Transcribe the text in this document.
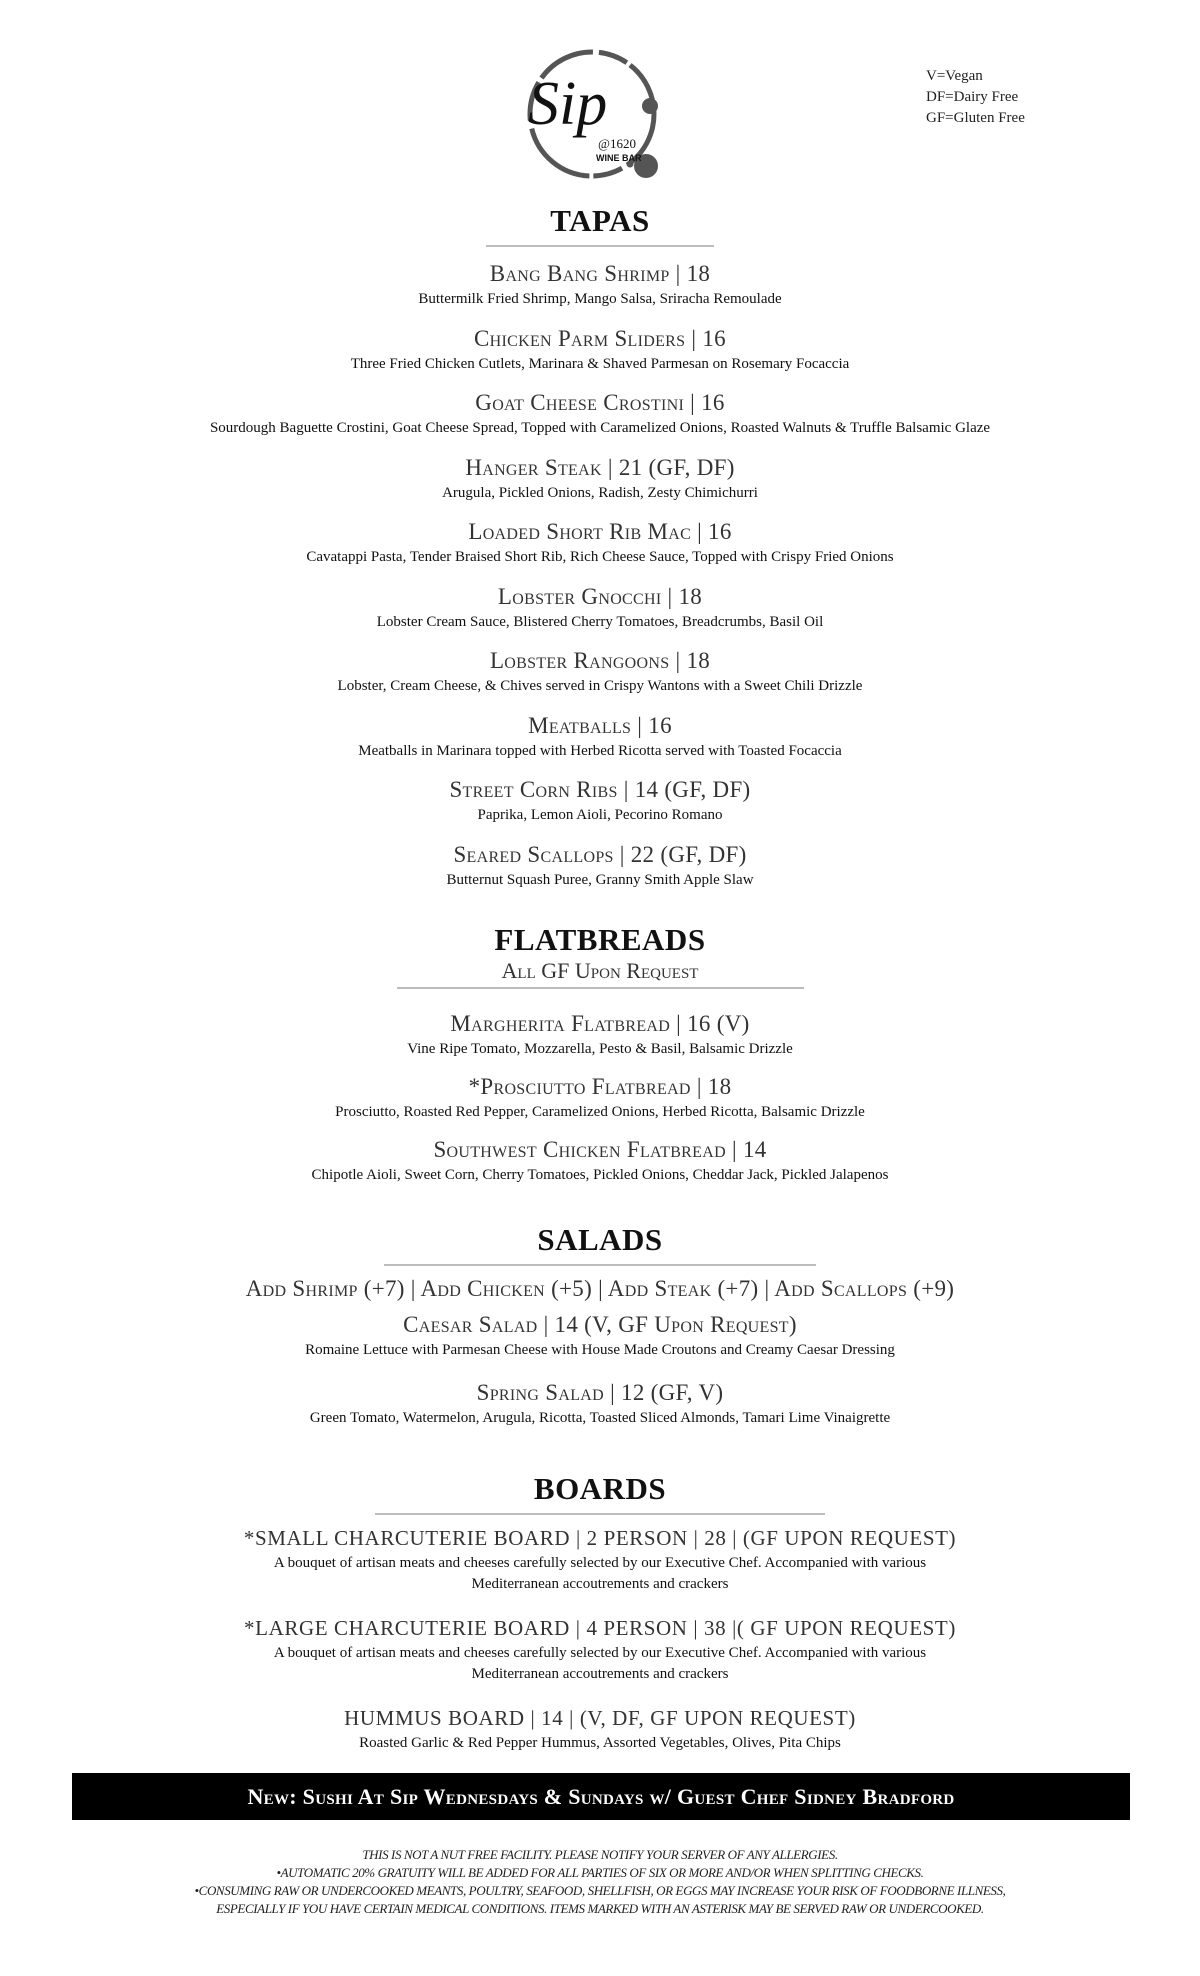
Sip
@1620
WINE BAR
V=Vegan
DF=Dairy Free
GF=Gluten Free
TAPAS
Bang Bang Shrimp | 18
Buttermilk Fried Shrimp, Mango Salsa, Sriracha Remoulade
Chicken Parm Sliders | 16
Three Fried Chicken Cutlets, Marinara & Shaved Parmesan on Rosemary Focaccia
Goat Cheese Crostini | 16
Sourdough Baguette Crostini, Goat Cheese Spread, Topped with Caramelized Onions, Roasted Walnuts & Truffle Balsamic Glaze
Hanger Steak | 21 (GF, DF)
Arugula, Pickled Onions, Radish, Zesty Chimichurri
Loaded Short Rib Mac | 16
Cavatappi Pasta, Tender Braised Short Rib, Rich Cheese Sauce, Topped with Crispy Fried Onions
Lobster Gnocchi | 18
Lobster Cream Sauce, Blistered Cherry Tomatoes, Breadcrumbs, Basil Oil
Lobster Rangoons | 18
Lobster, Cream Cheese, & Chives served in Crispy Wantons with a Sweet Chili Drizzle
Meatballs | 16
Meatballs in Marinara topped with Herbed Ricotta served with Toasted Focaccia
Street Corn Ribs | 14 (GF, DF)
Paprika, Lemon Aioli, Pecorino Romano
Seared Scallops | 22 (GF, DF)
Butternut Squash Puree, Granny Smith Apple Slaw
FLATBREADS
All GF Upon Request
Margherita Flatbread | 16 (V)
Vine Ripe Tomato, Mozzarella, Pesto & Basil, Balsamic Drizzle
*Prosciutto Flatbread | 18
Prosciutto, Roasted Red Pepper, Caramelized Onions, Herbed Ricotta, Balsamic Drizzle
Southwest Chicken Flatbread | 14
Chipotle Aioli, Sweet Corn, Cherry Tomatoes, Pickled Onions, Cheddar Jack, Pickled Jalapenos
SALADS
Add Shrimp (+7) | Add Chicken (+5) | Add Steak (+7) | Add Scallops (+9)
Caesar Salad | 14 (V, GF Upon Request)
Romaine Lettuce with Parmesan Cheese with House Made Croutons and Creamy Caesar Dressing
Spring Salad | 12 (GF, V)
Green Tomato, Watermelon, Arugula, Ricotta, Toasted Sliced Almonds, Tamari Lime Vinaigrette
BOARDS
*SMALL CHARCUTERIE BOARD | 2 PERSON | 28 | (GF UPON REQUEST)
A bouquet of artisan meats and cheeses carefully selected by our Executive Chef. Accompanied with various Mediterranean accoutrements and crackers
*LARGE CHARCUTERIE BOARD | 4 PERSON | 38 |( GF UPON REQUEST)
A bouquet of artisan meats and cheeses carefully selected by our Executive Chef. Accompanied with various Mediterranean accoutrements and crackers
HUMMUS BOARD | 14 | (V, DF, GF UPON REQUEST)
Roasted Garlic & Red Pepper Hummus, Assorted Vegetables, Olives, Pita Chips
New: Sushi At Sip Wednesdays & Sundays w/ Guest Chef Sidney Bradford
THIS IS NOT A NUT FREE FACILITY. PLEASE NOTIFY YOUR SERVER OF ANY ALLERGIES.
•AUTOMATIC 20% GRATUITY WILL BE ADDED FOR ALL PARTIES OF SIX OR MORE AND/OR WHEN SPLITTING CHECKS.
•CONSUMING RAW OR UNDERCOOKED MEANTS, POULTRY, SEAFOOD, SHELLFISH, OR EGGS MAY INCREASE YOUR RISK OF FOODBORNE ILLNESS,
ESPECIALLY IF YOU HAVE CERTAIN MEDICAL CONDITIONS. ITEMS MARKED WITH AN ASTERISK MAY BE SERVED RAW OR UNDERCOOKED.
